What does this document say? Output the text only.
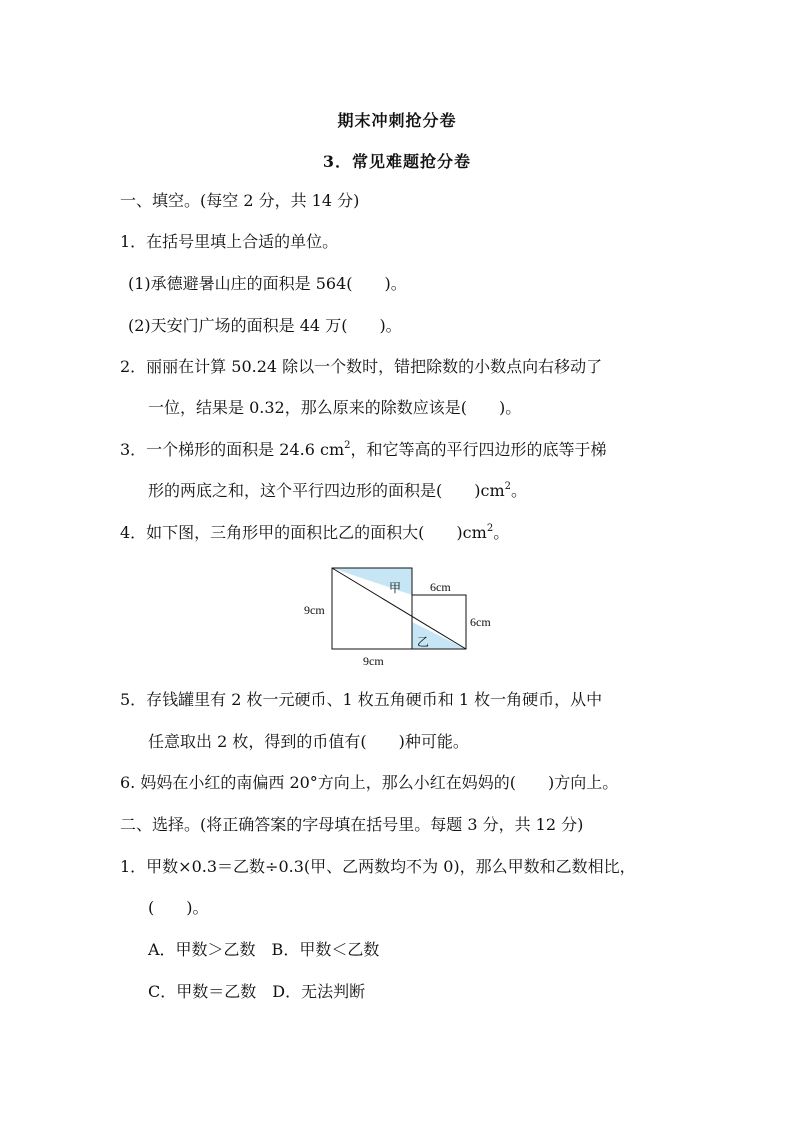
期末冲刺抢分卷
3．常见难题抢分卷
一、填空。(每空 2 分，共 14 分)
1．在括号里填上合适的单位。
(1)承德避暑山庄的面积是 564(　　)。
(2)天安门广场的面积是 44 万(　　)。
2．丽丽在计算 50.24 除以一个数时，错把除数的小数点向右移动了
一位，结果是 0.32，那么原来的除数应该是(　　)。
3．一个梯形的面积是 24.6 $cm^2$，和它等高的平行四边形的底等于梯
形的两底之和，这个平行四边形的面积是(　　)$cm^2$。
4．如下图，三角形甲的面积比乙的面积大(　　)$cm^2$。
甲
乙
9cm
9cm
6cm
6cm
5．存钱罐里有 2 枚一元硬币、1 枚五角硬币和 1 枚一角硬币，从中
任意取出 2 枚，得到的币值有(　　)种可能。
6. 妈妈在小红的南偏西 20°方向上，那么小红在妈妈的(　　)方向上。
二、选择。(将正确答案的字母填在括号里。每题 3 分，共 12 分)
1．甲数×0.3＝乙数÷0.3(甲、乙两数均不为 0)，那么甲数和乙数相比，
(　　)。
A．甲数＞乙数　B．甲数＜乙数
C．甲数＝乙数　D．无法判断
